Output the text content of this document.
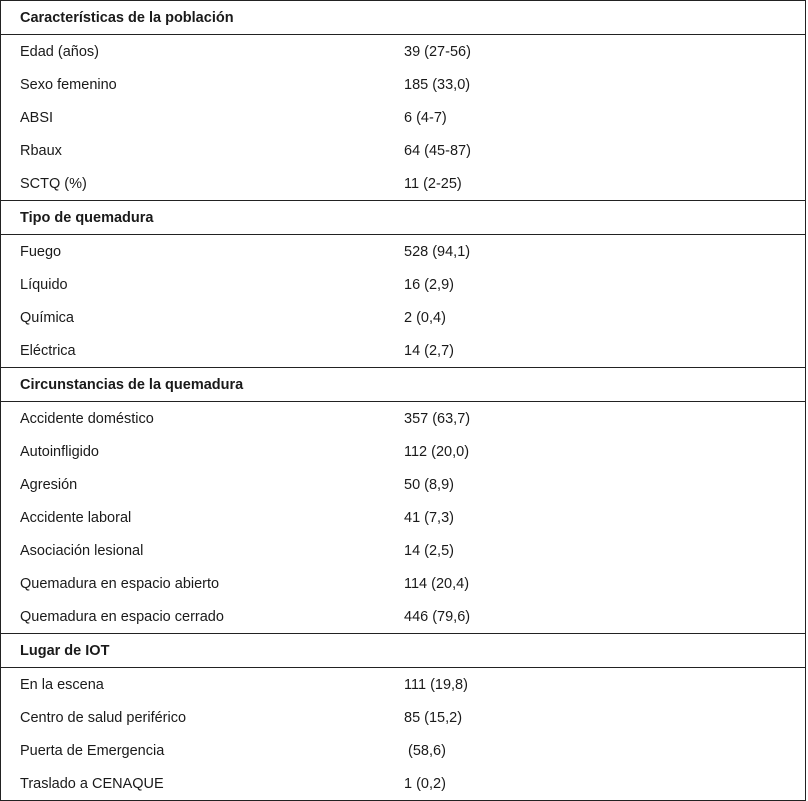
Características de la población
Edad (años)	39 (27-56)
Sexo femenino	185 (33,0)
ABSI	6 (4-7)
Rbaux	64 (45-87)
SCTQ (%)	11 (2-25)
Tipo de quemadura
Fuego	528 (94,1)
Líquido	16 (2,9)
Química	2 (0,4)
Eléctrica	14 (2,7)
Circunstancias de la quemadura
Accidente doméstico	357 (63,7)
Autoinfligido	112 (20,0)
Agresión	50 (8,9)
Accidente laboral	41 (7,3)
Asociación lesional	14 (2,5)
Quemadura en espacio abierto	114 (20,4)
Quemadura en espacio cerrado	446 (79,6)
Lugar de IOT
En la escena	111 (19,8)
Centro de salud periférico	85 (15,2)
Puerta de Emergencia	(58,6)
Traslado a CENAQUE	1 (0,2)
